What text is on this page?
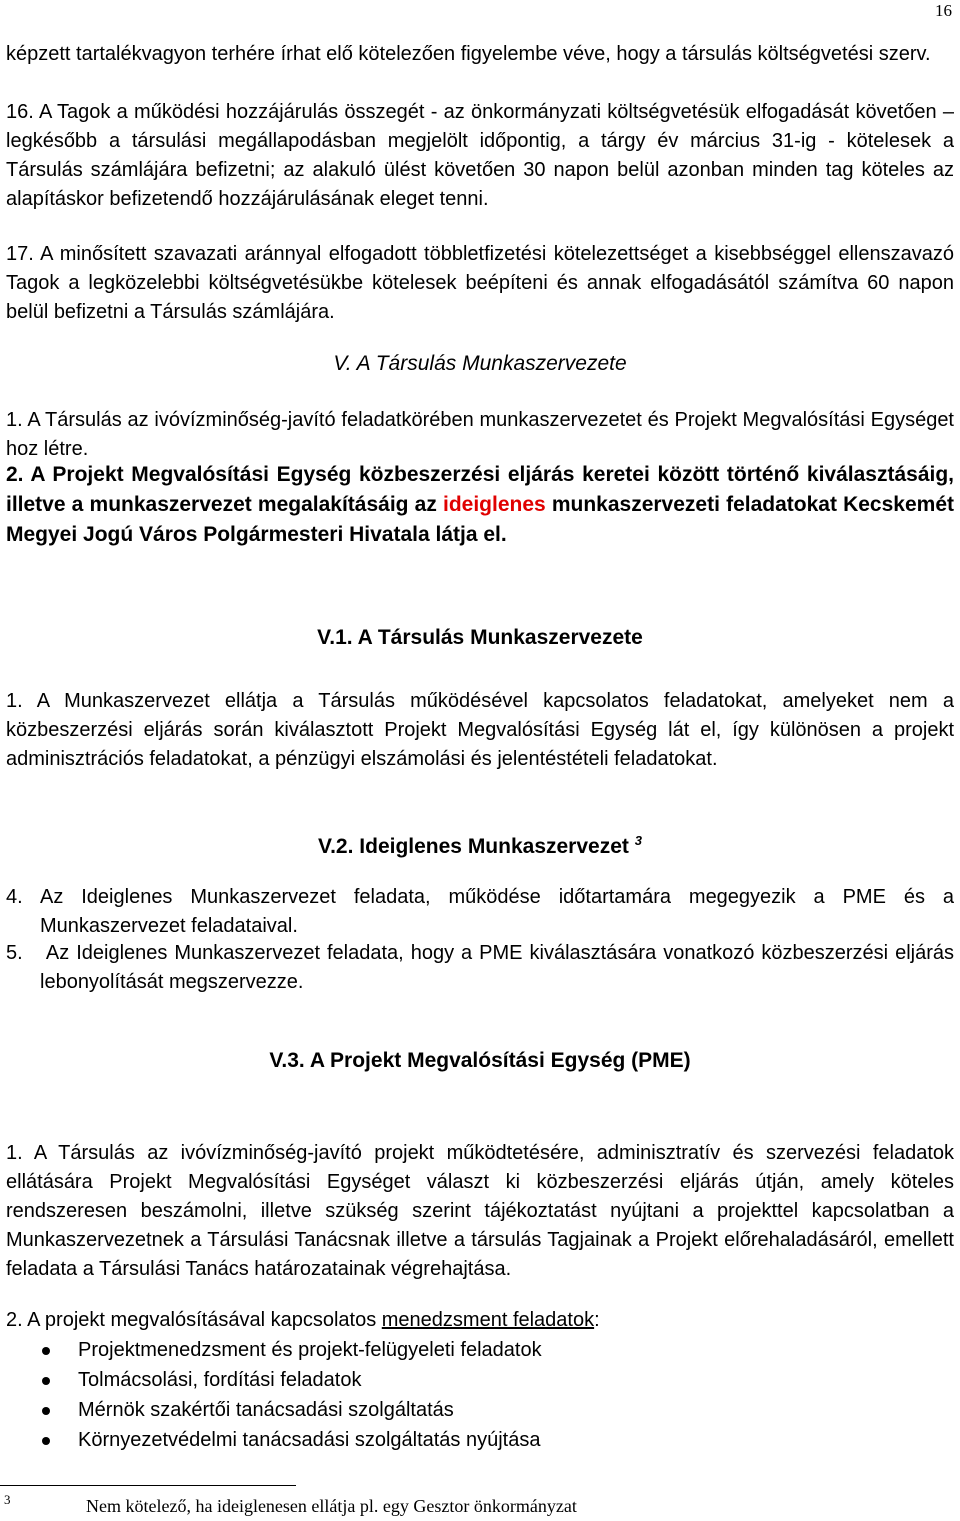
16
képzett tartalékvagyon terhére írhat elő kötelezően figyelembe véve, hogy a társulás költségvetési szerv.
16. A Tagok a működési hozzájárulás összegét - az önkormányzati költségvetésük elfogadását követően – legkésőbb a társulási megállapodásban megjelölt időpontig, a tárgy év március 31-ig - kötelesek a Társulás számlájára befizetni; az alakuló ülést követően 30 napon belül azonban minden tag köteles az alapításkor befizetendő hozzájárulásának eleget tenni.
17. A minősített szavazati aránnyal elfogadott többletfizetési kötelezettséget a kisebbséggel ellenszavazó Tagok a legközelebbi költségvetésükbe kötelesek beépíteni és annak elfogadásától számítva 60 napon belül befizetni a Társulás számlájára.
V. A Társulás Munkaszervezete
1. A Társulás az ivóvízminőség-javító feladatkörében munkaszervezetet és Projekt Megvalósítási Egységet hoz létre.
2. A Projekt Megvalósítási Egység közbeszerzési eljárás keretei között történő kiválasztásáig, illetve a munkaszervezet megalakításáig az ideiglenes munkaszervezeti feladatokat Kecskemét Megyei Jogú Város Polgármesteri Hivatala látja el.
V.1. A Társulás Munkaszervezete
1. A Munkaszervezet ellátja a Társulás működésével kapcsolatos feladatokat, amelyeket nem a közbeszerzési eljárás során kiválasztott Projekt Megvalósítási Egység lát el, így különösen a projekt adminisztrációs feladatokat, a pénzügyi elszámolási és jelentéstételi feladatokat.
V.2. Ideiglenes Munkaszervezet $^3$
4. Az Ideiglenes Munkaszervezet feladata, működése időtartamára megegyezik a PME és a Munkaszervezet feladataival.
5. Az Ideiglenes Munkaszervezet feladata, hogy a PME kiválasztására vonatkozó közbeszerzési eljárás lebonyolítását megszervezze.
V.3. A Projekt Megvalósítási Egység (PME)
1. A Társulás az ivóvízminőség-javító projekt működtetésére, adminisztratív és szervezési feladatok ellátására Projekt Megvalósítási Egységet választ ki közbeszerzési eljárás útján, amely köteles rendszeresen beszámolni, illetve szükség szerint tájékoztatást nyújtani a projekttel kapcsolatban a Munkaszervezetnek a Társulási Tanácsnak illetve a társulás Tagjainak a Projekt előrehaladásáról, emellett feladata a Társulási Tanács határozatainak végrehajtása.
2. A projekt megvalósításával kapcsolatos menedzsment feladatok:
Projektmenedzsment és projekt-felügyeleti feladatok
Tolmácsolási, fordítási feladatok
Mérnök szakértői tanácsadási szolgáltatás
Környezetvédelmi tanácsadási szolgáltatás nyújtása
3	Nem kötelező, ha ideiglenesen ellátja pl. egy Gesztor önkormányzat
